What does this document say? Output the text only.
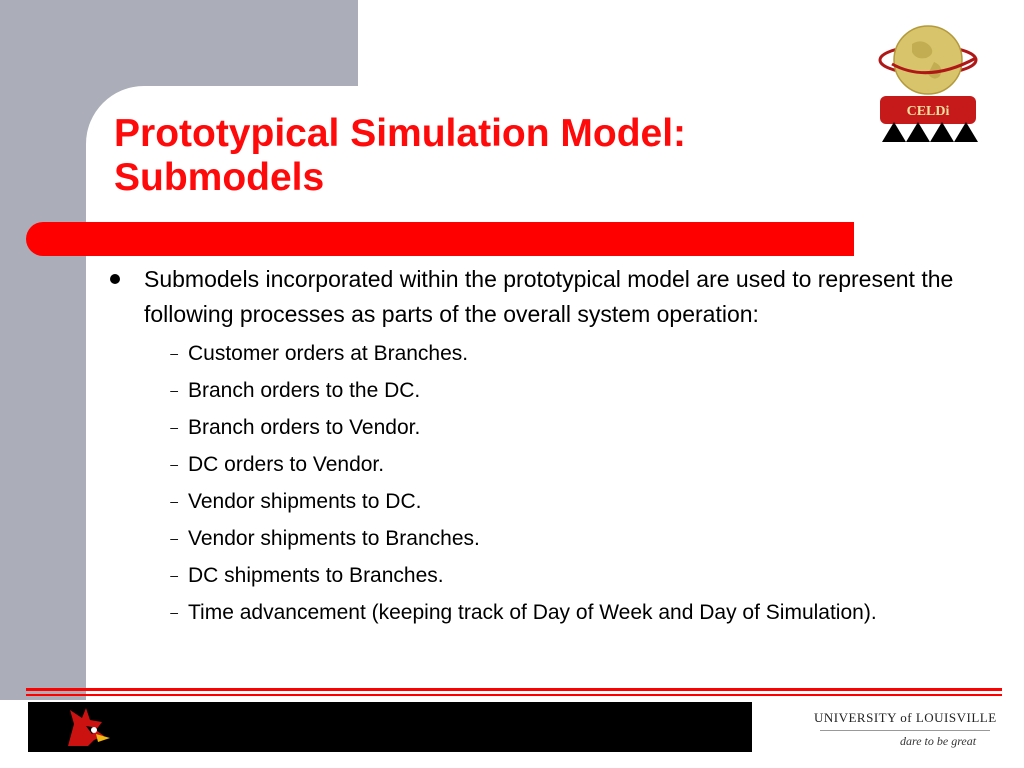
CELDi
Prototypical Simulation Model:
Submodels
Submodels incorporated within the prototypical model are used to represent the following processes as parts of the overall system operation:
– Customer orders at Branches.
– Branch orders to the DC.
– Branch orders to Vendor.
– DC orders to Vendor.
– Vendor shipments to DC.
– Vendor shipments to Branches.
– DC shipments to Branches.
– Time advancement (keeping track of Day of Week and Day of Simulation).
UNIVERSITY of LOUISVILLE
dare to be great
